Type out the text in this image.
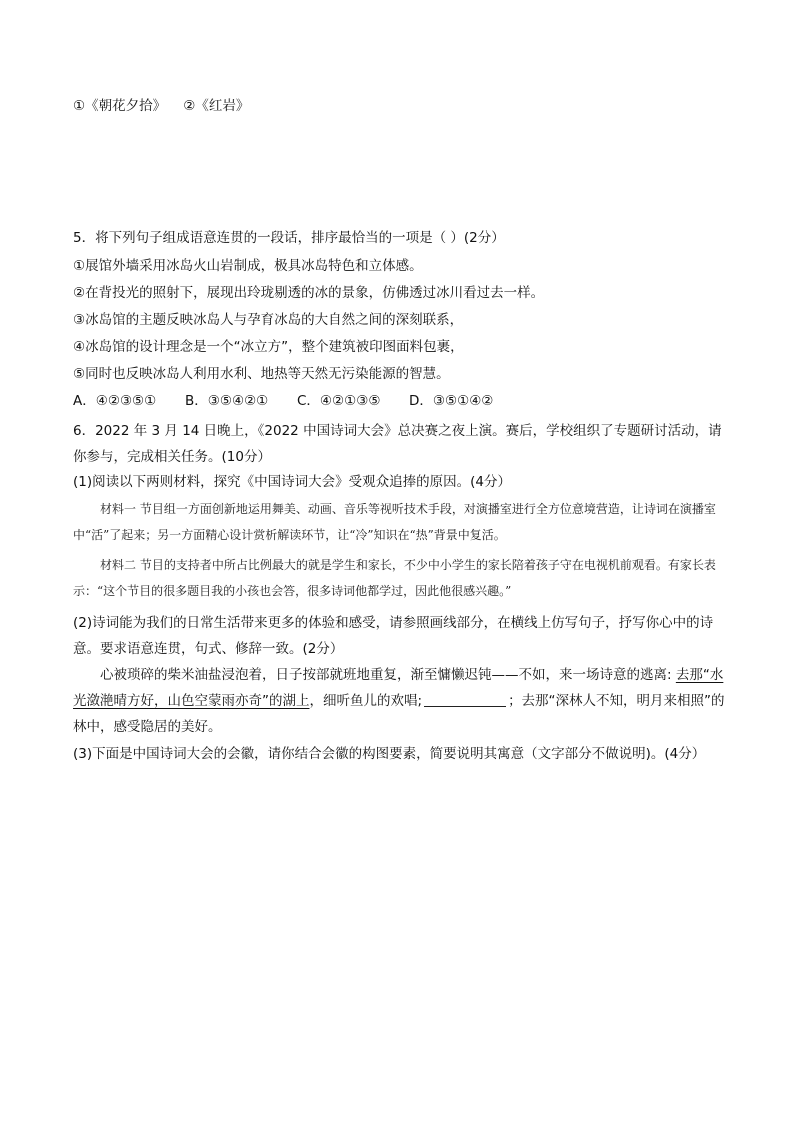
①《朝花夕拾》    ②《红岩》
5．将下列句子组成语意连贯的一段话，排序最恰当的一项是（ ）(2分）
①展馆外墙采用冰岛火山岩制成，极具冰岛特色和立体感。
②在背投光的照射下，展现出玲珑剔透的冰的景象，仿佛透过冰川看过去一样。
③冰岛馆的主题反映冰岛人与孕育冰岛的大自然之间的深刻联系，
④冰岛馆的设计理念是一个“冰立方”，整个建筑被印图面料包裹，
⑤同时也反映冰岛人利用水利、地热等天然无污染能源的智慧。
A．④②③⑤① B．③⑤④②① C．④②①③⑤ D．③⑤①④②
6．2022 年 3 月 14 日晚上，《2022 中国诗词大会》总决赛之夜上演。赛后，学校组织了专题研讨活动，请你参与，完成相关任务。(10分）
(1)阅读以下两则材料，探究《中国诗词大会》受观众追捧的原因。(4分）
材料一 节目组一方面创新地运用舞美、动画、音乐等视听技术手段，对演播室进行全方位意境营造，让诗词在演播室中“活”了起来；另一方面精心设计赏析解读环节，让“冷”知识在“热”背景中复活。
材料二 节目的支持者中所占比例最大的就是学生和家长，不少中小学生的家长陪着孩子守在电视机前观看。有家长表示：“这个节目的很多题目我的小孩也会答，很多诗词他都学过，因此他很感兴趣。”
(2)诗词能为我们的日常生活带来更多的体验和感受，请参照画线部分，在横线上仿写句子，抒写你心中的诗意。要求语意连贯，句式、修辞一致。(2分）
心被琐碎的柴米油盐浸泡着，日子按部就班地重复，渐至慵懒迟钝——不如，来一场诗意的逃离: 去那“水光潋滟晴方好，山色空蒙雨亦奇”的湖上，细听鱼儿的欢唱;	；去那“深林人不知，明月来相照”的林中，感受隐居的美好。
(3)下面是中国诗词大会的会徽，请你结合会徽的构图要素，简要说明其寓意（文字部分不做说明)。(4分）
